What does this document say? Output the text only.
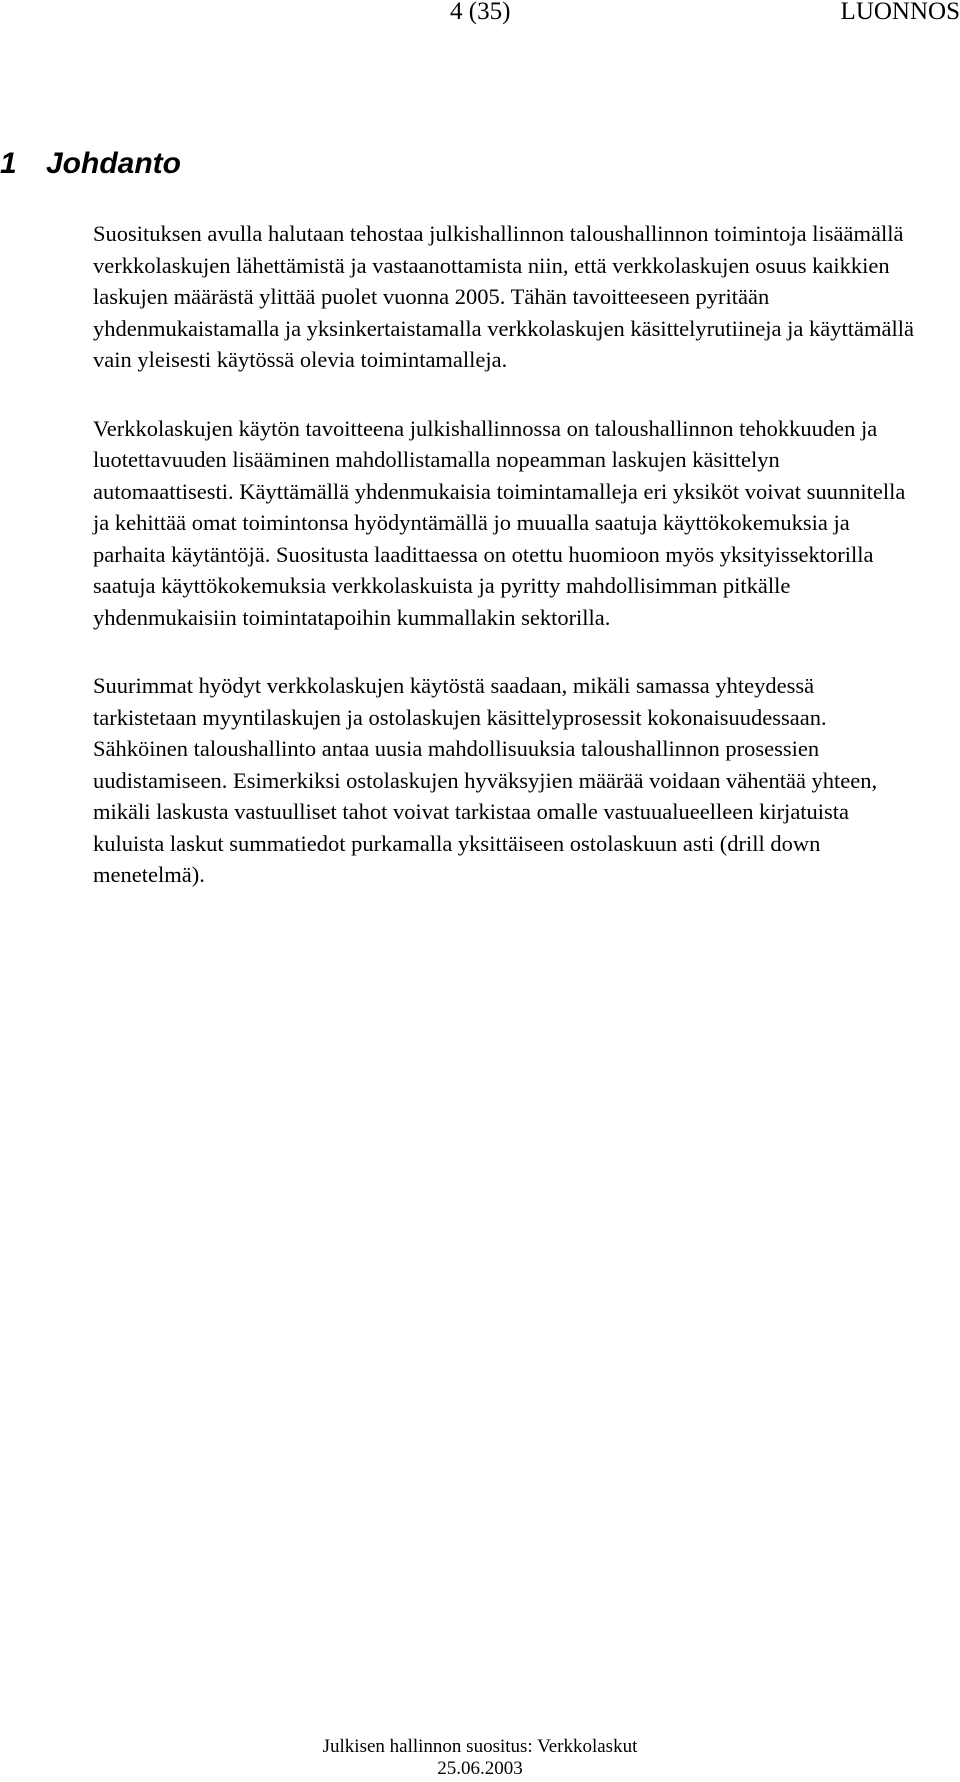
4 (35)	LUONNOS
1 Johdanto

Suosituksen avulla halutaan tehostaa julkishallinnon taloushallinnon toimintoja lisäämällä verkkolaskujen lähettämistä ja vastaanottamista niin, että verkkolaskujen osuus kaikkien laskujen määrästä ylittää puolet vuonna 2005. Tähän tavoitteeseen pyritään yhdenmukaistamalla ja yksinkertaistamalla verkkolaskujen käsittelyrutiineja ja käyttämällä vain yleisesti käytössä olevia toimintamalleja.

Verkkolaskujen käytön tavoitteena julkishallinnossa on taloushallinnon tehokkuuden ja luotettavuuden lisääminen mahdollistamalla nopeamman laskujen käsittelyn automaattisesti. Käyttämällä yhdenmukaisia toimintamalleja eri yksiköt voivat suunnitella ja kehittää omat toimintonsa hyödyntämällä jo muualla saatuja käyttökokemuksia ja parhaita käytäntöjä. Suositusta laadittaessa on otettu huomioon myös yksityissektorilla saatuja käyttökokemuksia verkkolaskuista ja pyritty mahdollisimman pitkälle yhdenmukaisiin toimintatapoihin kummallakin sektorilla.

Suurimmat hyödyt verkkolaskujen käytöstä saadaan, mikäli samassa yhteydessä tarkistetaan myyntilaskujen ja ostolaskujen käsittelyprosessit kokonaisuudessaan. Sähköinen taloushallinto antaa uusia mahdollisuuksia taloushallinnon prosessien uudistamiseen. Esimerkiksi ostolaskujen hyväksyjien määrää voidaan vähentää yhteen, mikäli laskusta vastuulliset tahot voivat tarkistaa omalle vastuualueelleen kirjatuista kuluista laskut summatiedot purkamalla yksittäiseen ostolaskuun asti (drill down menetelmä).

Julkisen hallinnon suositus: Verkkolaskut
25.06.2003
